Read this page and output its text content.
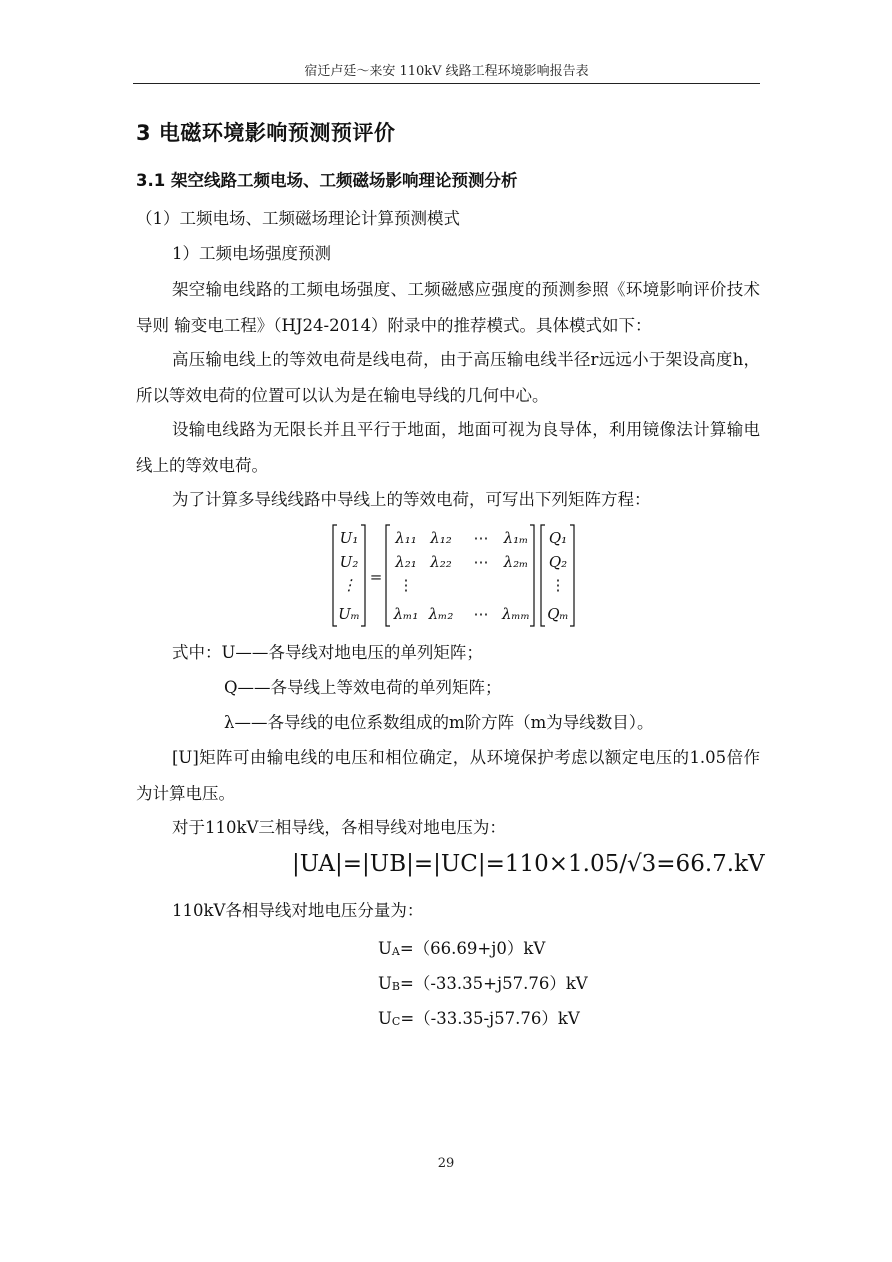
宿迁卢廷～来安 110kV 线路工程环境影响报告表
3 电磁环境影响预测预评价
3.1 架空线路工频电场、工频磁场影响理论预测分析
（1）工频电场、工频磁场理论计算预测模式
1）工频电场强度预测
架空输电线路的工频电场强度、工频磁感应强度的预测参照《环境影响评价技术导则 输变电工程》（HJ24-2014）附录中的推荐模式。具体模式如下：
高压输电线上的等效电荷是线电荷，由于高压输电线半径r远远小于架设高度h，所以等效电荷的位置可以认为是在输电导线的几何中心。
设输电线路为无限长并且平行于地面，地面可视为良导体，利用镜像法计算输电线上的等效电荷。
为了计算多导线线路中导线上的等效电荷，可写出下列矩阵方程：
U₁
U₂
⋮
Uₘ
=
λ₁₁ λ₁₂ ⋯ λ₁ₘ
λ₂₁ λ₂₂ ⋯ λ₂ₘ
⋮
λₘ₁ λₘ₂ ⋯ λₘₘ
Q₁
Q₂
⋮
Qₘ
式中：U——各导线对地电压的单列矩阵；
Q——各导线上等效电荷的单列矩阵；
λ——各导线的电位系数组成的m阶方阵（m为导线数目）。
[U]矩阵可由输电线的电压和相位确定，从环境保护考虑以额定电压的1.05倍作为计算电压。
对于110kV三相导线，各相导线对地电压为：
|UA|=|UB|=|UC|=110×1.05/√3=66.7.kV
110kV各相导线对地电压分量为：
$U_A=(66.69+j0)kV$
$U_B=(-33.35+j57.76)kV$
$U_C=(-33.35-j57.76)kV$
29
